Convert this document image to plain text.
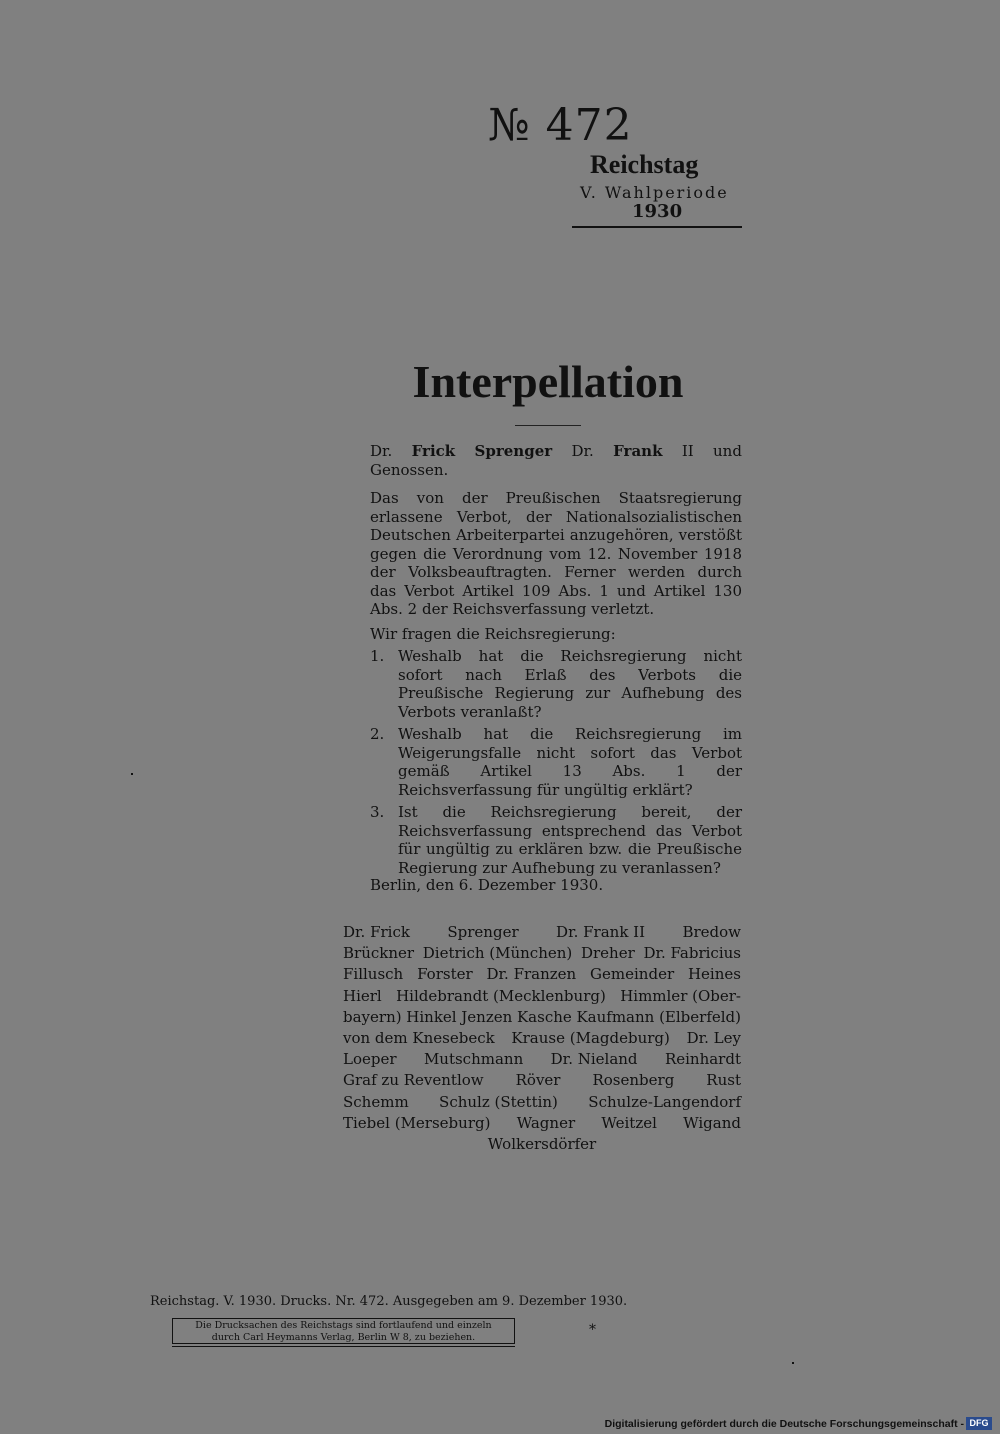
№ 472
Reichstag
V. Wahlperiode
1930
Interpellation
Dr. Frick Sprenger Dr. Frank II und
Genossen.
Das von der Preußischen Staatsregierung erlassene Verbot, der Nationalsozialistischen Deutschen Arbeiterpartei anzugehören, verstößt gegen die Verordnung vom 12. November 1918 der Volksbeauftragten. Ferner werden durch das Verbot Artikel 109 Abs. 1 und Artikel 130 Abs. 2 der Reichsverfassung verletzt.
Wir fragen die Reichsregierung:
1. Weshalb hat die Reichsregierung nicht sofort nach Erlaß des Verbots die Preußische Regierung zur Aufhebung des Verbots veranlaßt?
2. Weshalb hat die Reichsregierung im Weigerungsfalle nicht sofort das Verbot gemäß Artikel 13 Abs. 1 der Reichsverfassung für ungültig erklärt?
3. Ist die Reichsregierung bereit, der Reichsverfassung entsprechend das Verbot für ungültig zu erklären bzw. die Preußische Regierung zur Aufhebung zu veranlassen?
Berlin, den 6. Dezember 1930.
Dr. Frick Sprenger Dr. Frank II Bredow
Brückner Dietrich (München) Dreher Dr. Fabricius
Fillusch Forster Dr. Franzen Gemeinder Heines
Hierl Hildebrandt (Mecklenburg) Himmler (Ober-
bayern) Hinkel Jenzen Kasche Kaufmann (Elberfeld)
von dem Knesebeck Krause (Magdeburg) Dr. Ley
Loeper Mutschmann Dr. Nieland Reinhardt
Graf zu Reventlow Röver Rosenberg Rust
Schemm Schulz (Stettin) Schulze-Langendorf
Tiebel (Merseburg) Wagner Weitzel Wigand
Wolkersdörfer
Reichstag. V. 1930. Drucks. Nr. 472. Ausgegeben am 9. Dezember 1930.
Die Drucksachen des Reichstags sind fortlaufend und einzeln
durch Carl Heymanns Verlag, Berlin W 8, zu beziehen.	*
Digitalisierung gefördert durch die Deutsche Forschungsgemeinschaft - DFG
